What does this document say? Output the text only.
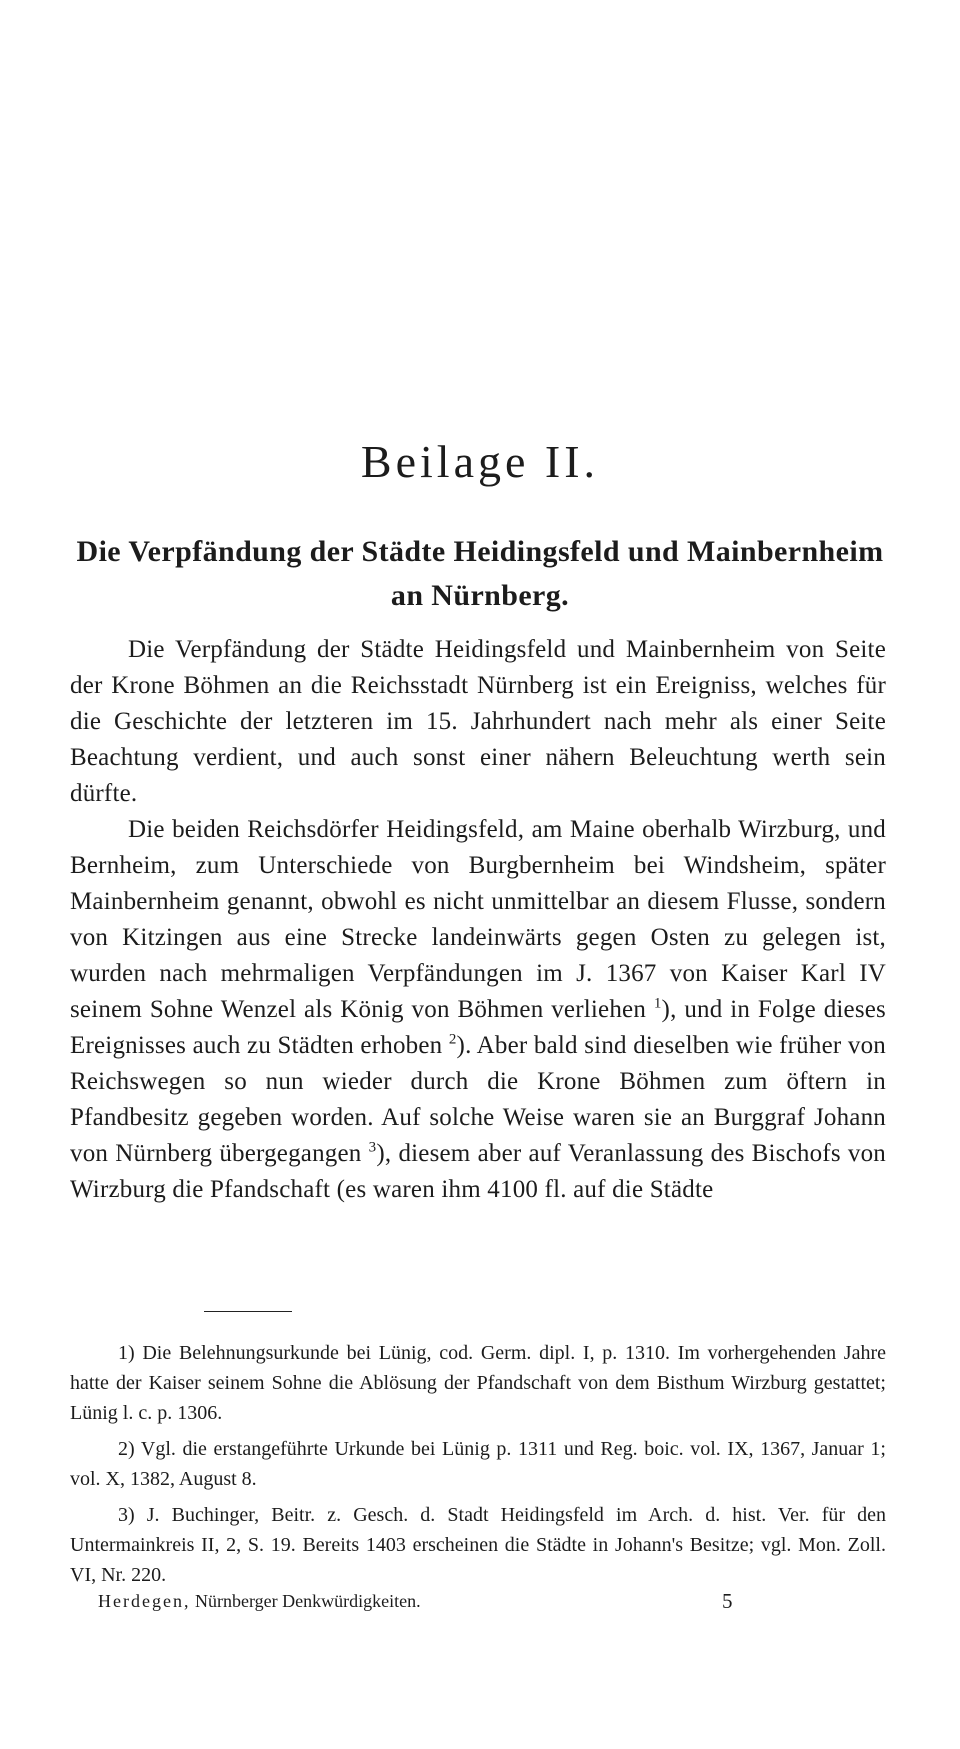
Beilage II.
Die Verpfändung der Städte Heidingsfeld und Mainbernheim
an Nürnberg.

Die Verpfändung der Städte Heidingsfeld und Mainbernheim von Seite der Krone Böhmen an die Reichsstadt Nürnberg ist ein Ereigniss, welches für die Geschichte der letzteren im 15. Jahrhundert nach mehr als einer Seite Beachtung verdient, und auch sonst einer nähern Beleuchtung werth sein dürfte.

Die beiden Reichsdörfer Heidingsfeld, am Maine oberhalb Wirzburg, und Bernheim, zum Unterschiede von Burgbernheim bei Windsheim, später Mainbernheim genannt, obwohl es nicht unmittelbar an diesem Flusse, sondern von Kitzingen aus eine Strecke landeinwärts gegen Osten zu gelegen ist, wurden nach mehrmaligen Verpfändungen im J. 1367 von Kaiser Karl IV seinem Sohne Wenzel als König von Böhmen verliehen $^1$), und in Folge dieses Ereignisses auch zu Städten erhoben $^2$). Aber bald sind dieselben wie früher von Reichswegen so nun wieder durch die Krone Böhmen zum öftern in Pfandbesitz gegeben worden. Auf solche Weise waren sie an Burggraf Johann von Nürnberg übergegangen $^3$), diesem aber auf Veranlassung des Bischofs von Wirzburg die Pfandschaft (es waren ihm 4100 fl. auf die Städte

1) Die Belehnungsurkunde bei Lünig, cod. Germ. dipl. I, p. 1310. Im vorhergehenden Jahre hatte der Kaiser seinem Sohne die Ablösung der Pfandschaft von dem Bisthum Wirzburg gestattet; Lünig l. c. p. 1306.

2) Vgl. die erstangeführte Urkunde bei Lünig p. 1311 und Reg. boic. vol. IX, 1367, Januar 1; vol. X, 1382, August 8.

3) J. Buchinger, Beitr. z. Gesch. d. Stadt Heidingsfeld im Arch. d. hist. Ver. für den Untermainkreis II, 2, S. 19. Bereits 1403 erscheinen die Städte in Johann's Besitze; vgl. Mon. Zoll. VI, Nr. 220.

Herdegen, Nürnberger Denkwürdigkeiten.	5
